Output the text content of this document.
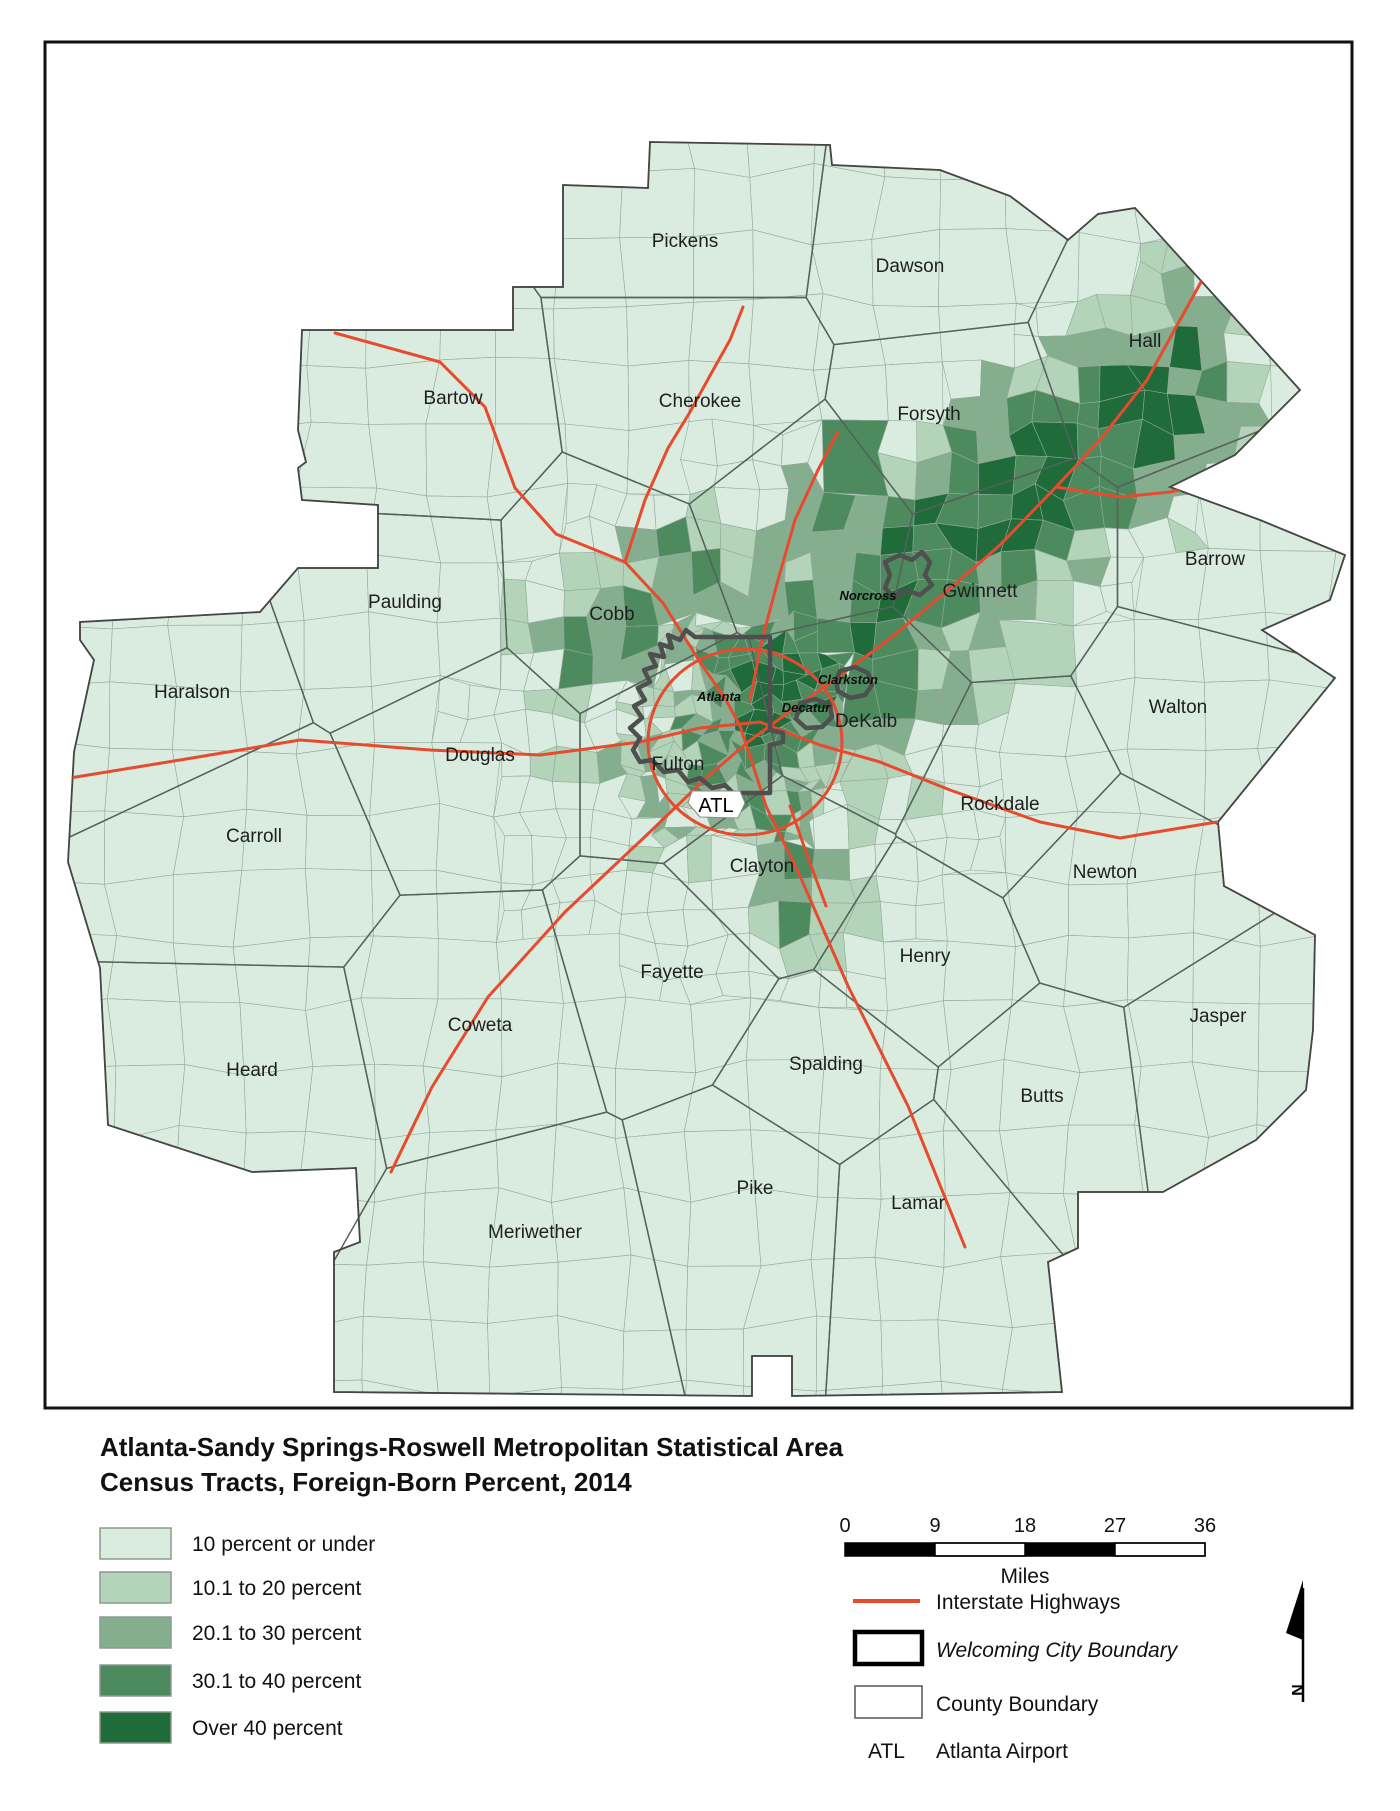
ATL
Pickens
Dawson
Hall
Bartow	Cherokee
Forsyth
Barrow
Gwinnett
Paulding
Cobb
Haralson
Walton
DeKalb
Douglas	Fulton
Rockdale
Carroll
Clayton	Newton
Henry
Fayette
Jasper
Coweta
Spalding
Heard
Butts
Pike
Lamar
Meriwether
Norcross
Clarkston
Atlanta
Decatur
Atlanta-Sandy Springs-Roswell Metropolitan Statistical Area
Census Tracts, Foreign-Born Percent, 2014
10 percent or under
10.1 to 20 percent
20.1 to 30 percent
30.1 to 40 percent
Over 40 percent
0	9	18	27	36
Miles
Interstate Highways
Welcoming City Boundary
County Boundary
ATL Atlanta Airport
N
